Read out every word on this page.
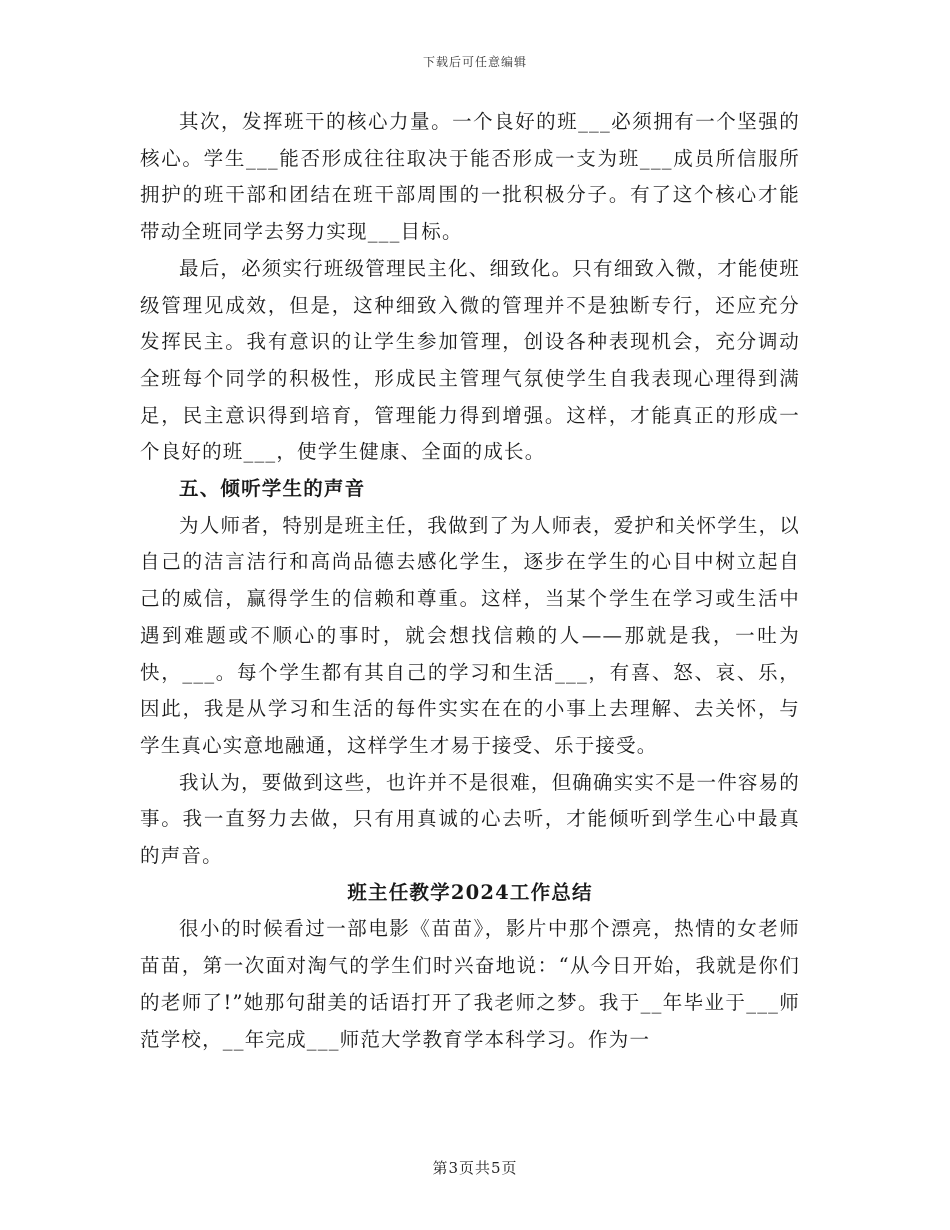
下载后可任意编辑

其次，发挥班干的核心力量。一个良好的班___必须拥有一个坚强的核心。学生___能否形成往往取决于能否形成一支为班___成员所信服所拥护的班干部和团结在班干部周围的一批积极分子。有了这个核心才能带动全班同学去努力实现___目标。

最后，必须实行班级管理民主化、细致化。只有细致入微，才能使班级管理见成效，但是，这种细致入微的管理并不是独断专行，还应充分发挥民主。我有意识的让学生参加管理，创设各种表现机会，充分调动全班每个同学的积极性，形成民主管理气氛使学生自我表现心理得到满足，民主意识得到培育，管理能力得到增强。这样，才能真正的形成一个良好的班___，使学生健康、全面的成长。

五、倾听学生的声音

为人师者，特别是班主任，我做到了为人师表，爱护和关怀学生，以自己的洁言洁行和高尚品德去感化学生，逐步在学生的心目中树立起自己的威信，赢得学生的信赖和尊重。这样，当某个学生在学习或生活中遇到难题或不顺心的事时，就会想找信赖的人——那就是我，一吐为快，___。每个学生都有其自己的学习和生活___，有喜、怒、哀、乐，因此，我是从学习和生活的每件实实在在的小事上去理解、去关怀，与学生真心实意地融通，这样学生才易于接受、乐于接受。

我认为，要做到这些，也许并不是很难，但确确实实不是一件容易的事。我一直努力去做，只有用真诚的心去听，才能倾听到学生心中最真的声音。

班主任教学2024工作总结

很小的时候看过一部电影《苗苗》，影片中那个漂亮，热情的女老师苗苗，第一次面对淘气的学生们时兴奋地说：“从今日开始，我就是你们的老师了!”她那句甜美的话语打开了我老师之梦。我于__年毕业于___师范学校，__年完成___师范大学教育学本科学习。作为一

第3页共5页
